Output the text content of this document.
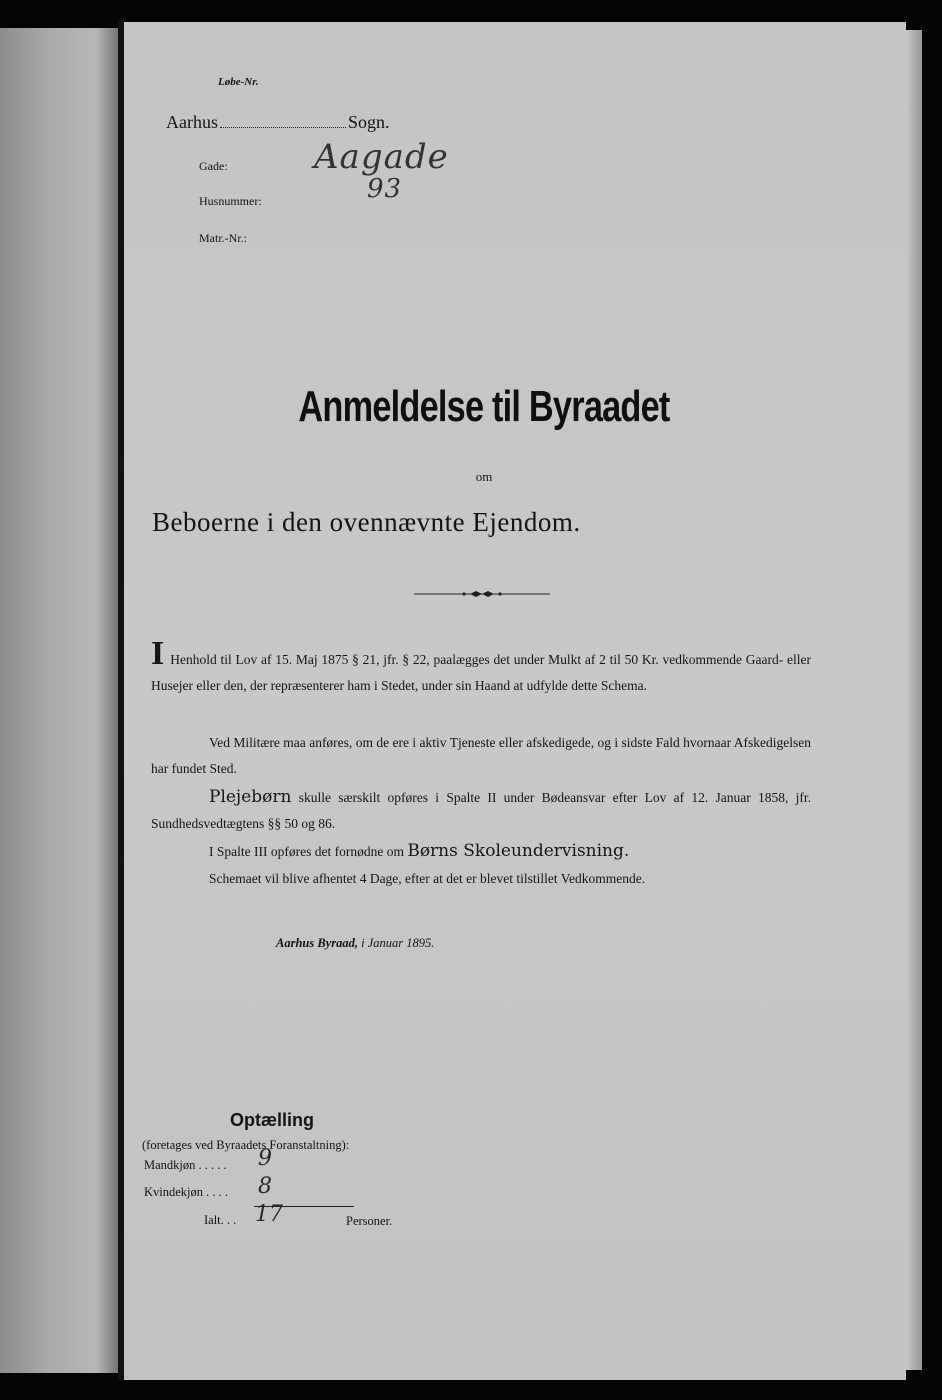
Løbe-Nr.
Aarhus	Sogn.
Gade:	Aagade
Husnummer:	93
Matr.-Nr.:
Anmeldelse til Byraadet
om
Beboerne i den ovennævnte Ejendom.
I Henhold til Lov af 15. Maj 1875 § 21, jfr. § 22, paalægges det under Mulkt af 2 til 50 Kr. vedkommende Gaard- eller Husejer eller den, der repræsenterer ham i Stedet, under sin Haand at udfylde dette Schema.
Ved Militære maa anføres, om de ere i aktiv Tjeneste eller afskedigede, og i sidste Fald hvornaar Afskedigelsen har fundet Sted.
Plejebørn skulle særskilt opføres i Spalte II under Bødeansvar efter Lov af 12. Januar 1858, jfr. Sundhedsvedtægtens §§ 50 og 86.
I Spalte III opføres det fornødne om Børns Skoleundervisning.
Schemaet vil blive afhentet 4 Dage, efter at det er blevet tilstillet Vedkommende.
Aarhus Byraad, i Januar 1895.
Optælling
(foretages ved Byraadets Foranstaltning):
Mandkjøn . . . . . 9
Kvindekjøn . . . . 8
Ialt. . . 17	Personer.
